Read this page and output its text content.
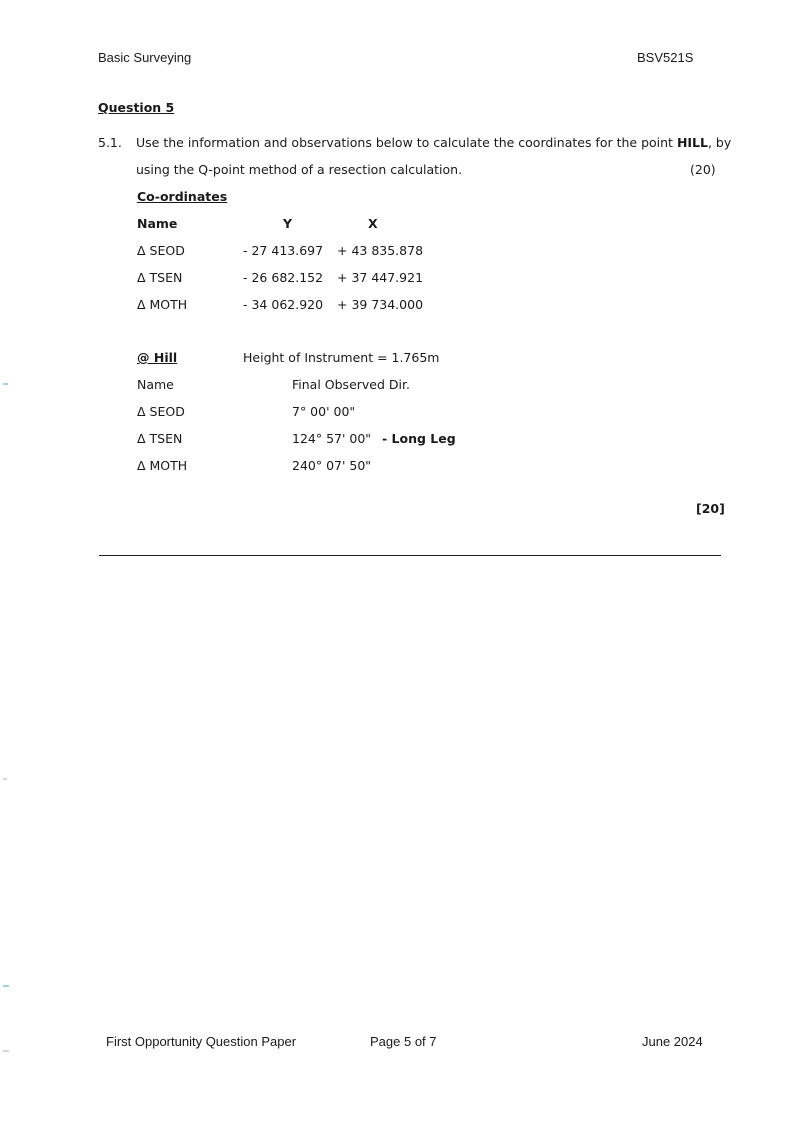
Basic Surveying	BSV521S
Question 5
5.1. Use the information and observations below to calculate the coordinates for the point HILL, by
using the Q-point method of a resection calculation.	(20)
Co-ordinates
Name	Y	X
Δ SEOD	- 27 413.697 + 43 835.878
Δ TSEN	- 26 682.152 + 37 447.921
Δ MOTH	- 34 062.920 + 39 734.000
@ Hill	Height of Instrument = 1.765m
Name	Final Observed Dir.
Δ SEOD	7° 00' 00"
Δ TSEN	124° 57' 00" - Long Leg
Δ MOTH	240° 07' 50"
[20]
First Opportunity Question Paper	Page 5 of 7	June 2024
